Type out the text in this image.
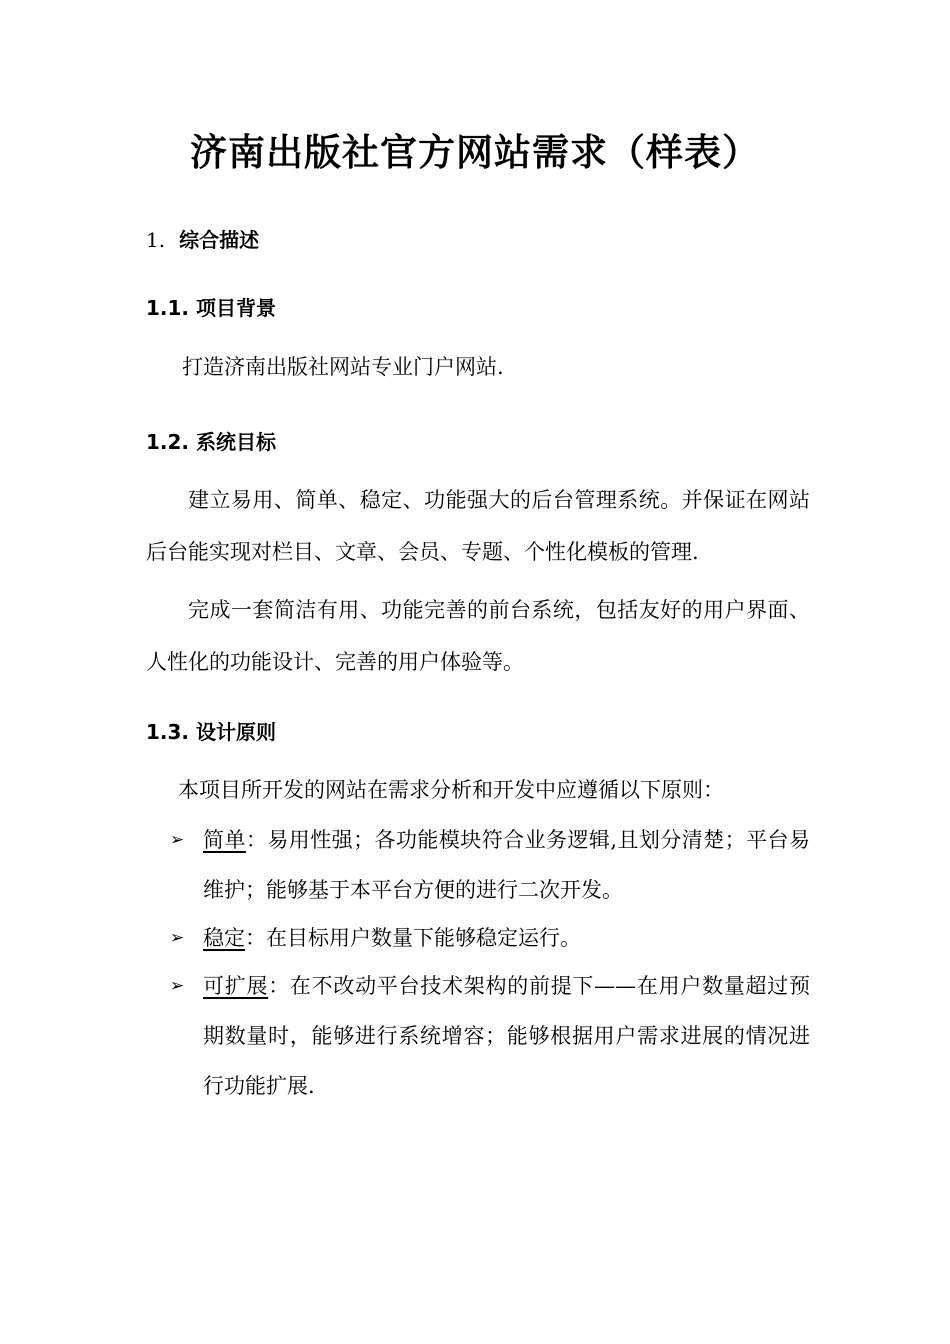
济南出版社官方网站需求（样表）
1. 综合描述
1.1. 项目背景
打造济南出版社网站专业门户网站.
1.2. 系统目标
建立易用、简单、稳定、功能强大的后台管理系统。并保证在网站后台能实现对栏目、文章、会员、专题、个性化模板的管理.
完成一套简洁有用、功能完善的前台系统，包括友好的用户界面、人性化的功能设计、完善的用户体验等。
1.3. 设计原则
本项目所开发的网站在需求分析和开发中应遵循以下原则：
➢ 简单：易用性强；各功能模块符合业务逻辑,且划分清楚；平台易维护；能够基于本平台方便的进行二次开发。
➢ 稳定：在目标用户数量下能够稳定运行。
➢ 可扩展：在不改动平台技术架构的前提下——在用户数量超过预期数量时，能够进行系统增容；能够根据用户需求进展的情况进行功能扩展.
